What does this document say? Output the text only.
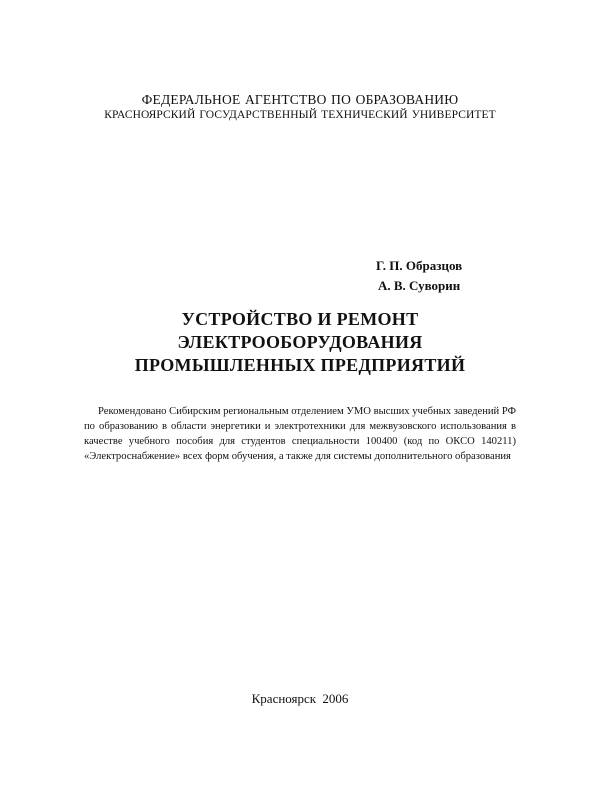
ФЕДЕРАЛЬНОЕ АГЕНТСТВО ПО ОБРАЗОВАНИЮ
КРАСНОЯРСКИЙ ГОСУДАРСТВЕННЫЙ ТЕХНИЧЕСКИЙ УНИВЕРСИТЕТ
Г. П. Образцов
А. В. Суворин
УСТРОЙСТВО И РЕМОНТ
ЭЛЕКТРООБОРУДОВАНИЯ
ПРОМЫШЛЕННЫХ ПРЕДПРИЯТИЙ
Рекомендовано Сибирским региональным отделением УМО высших учебных заведений РФ по образованию в области энергетики и электротехники для межвузовского использования в качестве учебного пособия для студентов специальности 100400 (код по ОКСО 140211) «Электроснабжение» всех форм обучения, а также для системы дополнительного образования
Красноярск 2006
